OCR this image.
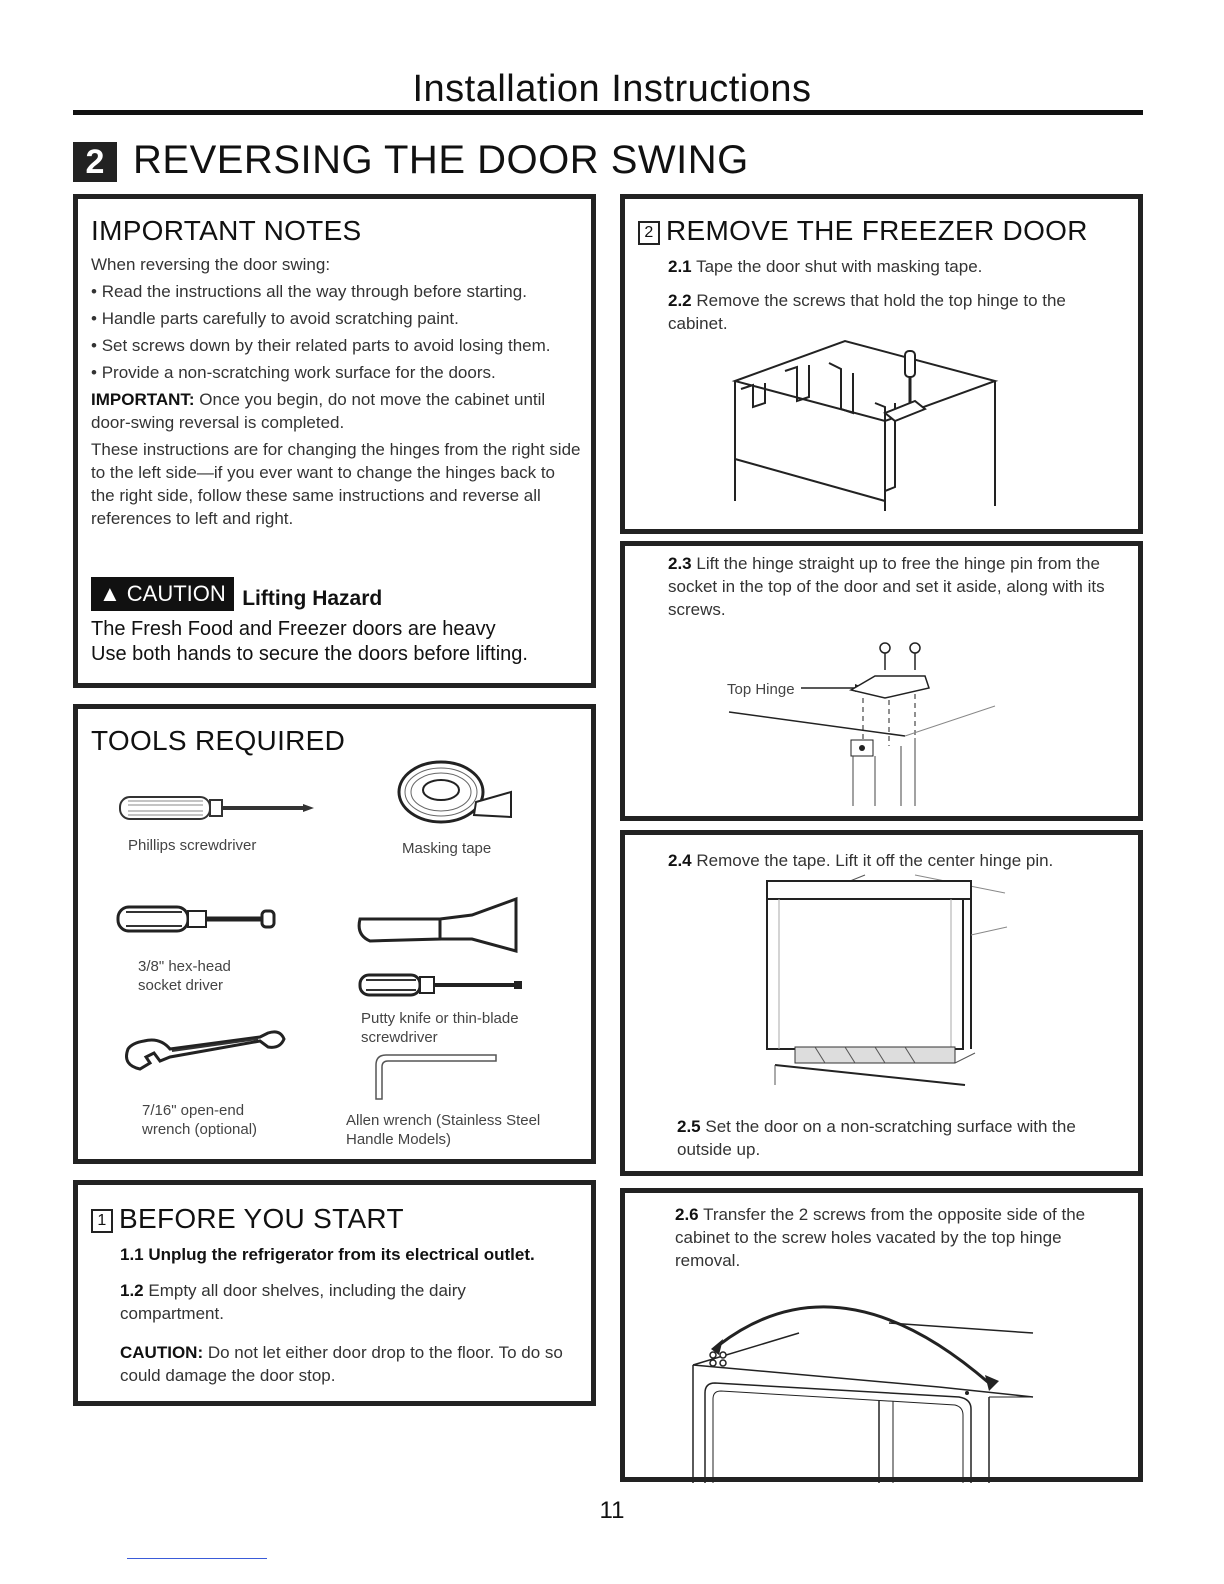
Installation Instructions
2 REVERSING THE DOOR SWING
IMPORTANT NOTES

When reversing the door swing:

• Read the instructions all the way through before starting.

• Handle parts carefully to avoid scratching paint.

• Set screws down by their related parts to avoid losing them.

• Provide a non-scratching work surface for the doors.

IMPORTANT: Once you begin, do not move the cabinet until door-swing reversal is completed.

These instructions are for changing the hinges from the right side to the left side—if you ever want to change the hinges back to the right side, follow these same instructions and reverse all references to left and right.

▲ CAUTION Lifting Hazard
The Fresh Food and Freezer doors are heavy Use both hands to secure the doors before lifting.
TOOLS REQUIRED
Phillips screwdriver	Masking tape
3/8" hex-head socket driver
Putty knife or thin-blade screwdriver
7/16" open-end wrench (optional)
Allen wrench (Stainless Steel Handle Models)
1 BEFORE YOU START
1.1 Unplug the refrigerator from its electrical outlet.
1.2 Empty all door shelves, including the dairy compartment.
CAUTION: Do not let either door drop to the floor. To do so could damage the door stop.
2 REMOVE THE FREEZER DOOR
2.1 Tape the door shut with masking tape.
2.2 Remove the screws that hold the top hinge to the cabinet.
2.3 Lift the hinge straight up to free the hinge pin from the socket in the top of the door and set it aside, along with its screws.
Top Hinge
2.4 Remove the tape. Lift it off the center hinge pin.
2.5 Set the door on a non-scratching surface with the outside up.
2.6 Transfer the 2 screws from the opposite side of the cabinet to the screw holes vacated by the top hinge removal.
11
